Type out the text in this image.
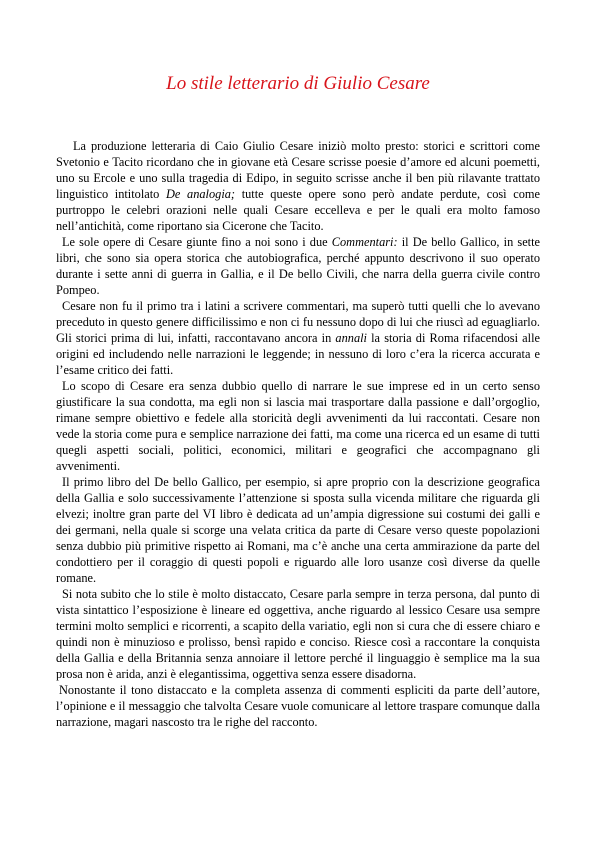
Lo stile letterario di Giulio Cesare

La produzione letteraria di Caio Giulio Cesare iniziò molto presto: storici e scrittori come Svetonio e Tacito ricordano che in giovane età Cesare scrisse poesie d’amore ed alcuni poemetti, uno su Ercole e uno sulla tragedia di Edipo, in seguito scrisse anche il ben più rilavante trattato linguistico intitolato De analogia; tutte queste opere sono però andate perdute, così come purtroppo le celebri orazioni nelle quali Cesare eccelleva e per le quali era molto famoso nell’antichità, come riportano sia Cicerone che Tacito.

Le sole opere di Cesare giunte fino a noi sono i due Commentari: il De bello Gallico, in sette libri, che sono sia opera storica che autobiografica, perché appunto descrivono il suo operato durante i sette anni di guerra in Gallia, e il De bello Civili, che narra della guerra civile contro Pompeo.

Cesare non fu il primo tra i latini a scrivere commentari, ma superò tutti quelli che lo avevano preceduto in questo genere difficilissimo e non ci fu nessuno dopo di lui che riuscì ad eguagliarlo. Gli storici prima di lui, infatti, raccontavano ancora in annali la storia di Roma rifacendosi alle origini ed includendo nelle narrazioni le leggende; in nessuno di loro c’era la ricerca accurata e l’esame critico dei fatti.

Lo scopo di Cesare era senza dubbio quello di narrare le sue imprese ed in un certo senso giustificare la sua condotta, ma egli non si lascia mai trasportare dalla passione e dall’orgoglio, rimane sempre obiettivo e fedele alla storicità degli avvenimenti da lui raccontati. Cesare non vede la storia come pura e semplice narrazione dei fatti, ma come una ricerca ed un esame di tutti quegli aspetti sociali, politici, economici, militari e geografici che accompagnano gli avvenimenti.

Il primo libro del De bello Gallico, per esempio, si apre proprio con la descrizione geografica della Gallia e solo successivamente l’attenzione si sposta sulla vicenda militare che riguarda gli elvezi; inoltre gran parte del VI libro è dedicata ad un’ampia digressione sui costumi dei galli e dei germani, nella quale si scorge una velata critica da parte di Cesare verso queste popolazioni senza dubbio più primitive rispetto ai Romani, ma c’è anche una certa ammirazione da parte del condottiero per il coraggio di questi popoli e riguardo alle loro usanze così diverse da quelle romane.

Si nota subito che lo stile è molto distaccato, Cesare parla sempre in terza persona, dal punto di vista sintattico l’esposizione è lineare ed oggettiva, anche riguardo al lessico Cesare usa sempre termini molto semplici e ricorrenti, a scapito della variatio, egli non si cura che di essere chiaro e quindi non è minuzioso e prolisso, bensì rapido e conciso. Riesce così a raccontare la conquista della Gallia e della Britannia senza annoiare il lettore perché il linguaggio è semplice ma la sua prosa non è arida, anzi è elegantissima, oggettiva senza essere disadorna.

Nonostante il tono distaccato e la completa assenza di commenti espliciti da parte dell’autore, l’opinione e il messaggio che talvolta Cesare vuole comunicare al lettore traspare comunque dalla narrazione, magari nascosto tra le righe del racconto.
